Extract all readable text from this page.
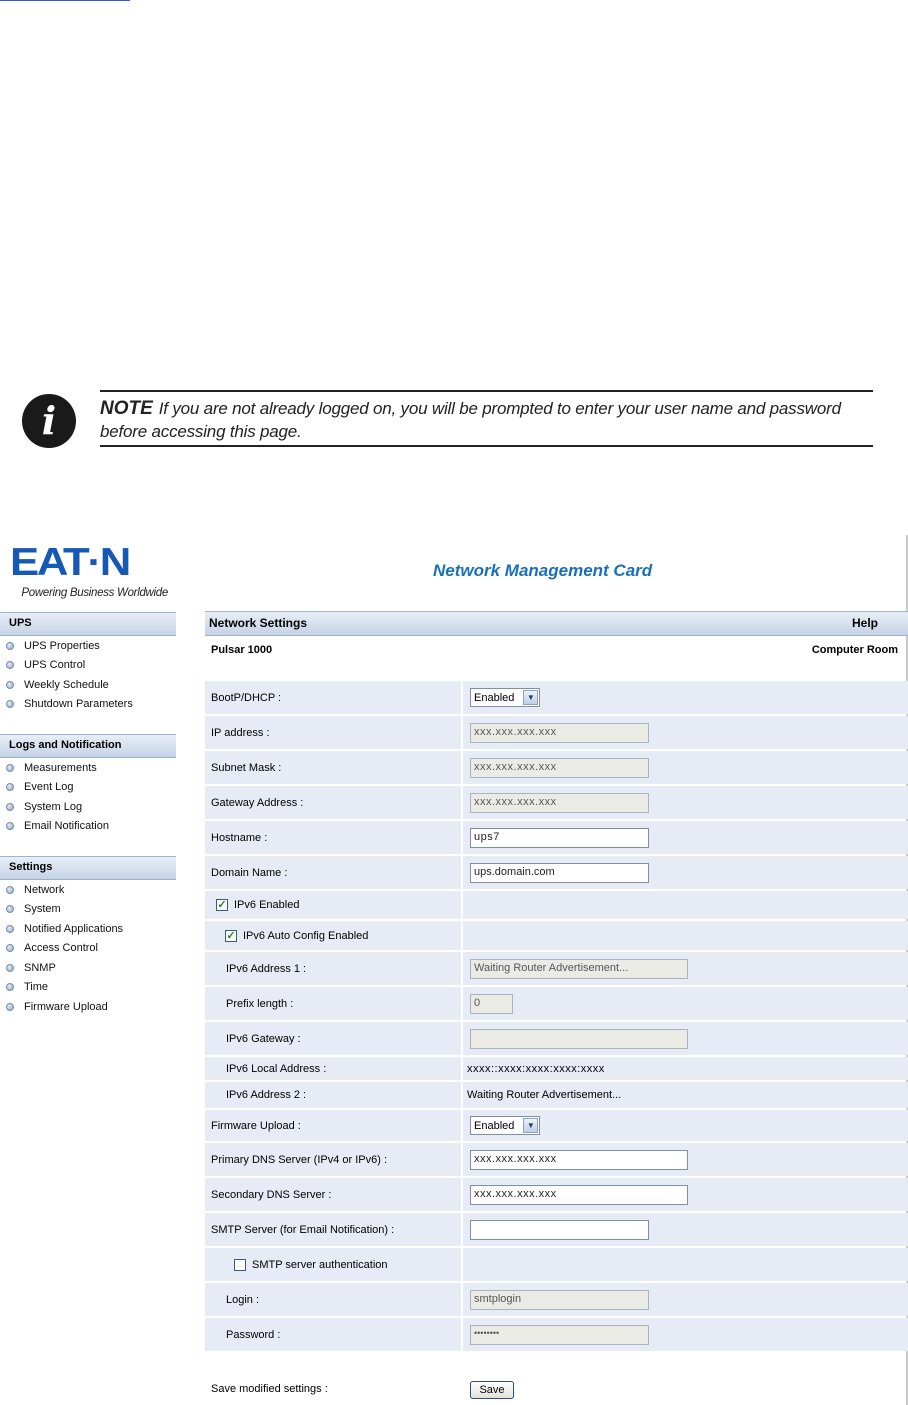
i	NOTE If you are not already logged on, you will be prompted to enter your user name and password before accessing this page.
EAT·N
Powering Business Worldwide
Network Management Card
UPS
UPS Properties
UPS Control
Weekly Schedule
Shutdown Parameters
Logs and Notification
Measurements
Event Log
System Log
Email Notification
Settings
Network
System
Notified Applications
Access Control
SNMP
Time
Firmware Upload
Network Settings	Help
Pulsar 1000	Computer Room
BootP/DHCP :	Enabled	▼
IP address :	xxx.xxx.xxx.xxx
Subnet Mask :	xxx.xxx.xxx.xxx
Gateway Address :	xxx.xxx.xxx.xxx
Hostname :	ups7
Domain Name :	ups.domain.com
✓ IPv6 Enabled
✓ IPv6 Auto Config Enabled
IPv6 Address 1 :	Waiting Router Advertisement...
Prefix length :	0
IPv6 Gateway :
IPv6 Local Address :	xxxx::xxxx:xxxx:xxxx:xxxx
IPv6 Address 2 :	Waiting Router Advertisement...
Firmware Upload :	Enabled	▼
Primary DNS Server (IPv4 or IPv6) :	xxx.xxx.xxx.xxx
Secondary DNS Server :	xxx.xxx.xxx.xxx
SMTP Server (for Email Notification) :
SMTP server authentication
Login :	smtplogin
Password :	••••••••
Save modified settings :	Save
